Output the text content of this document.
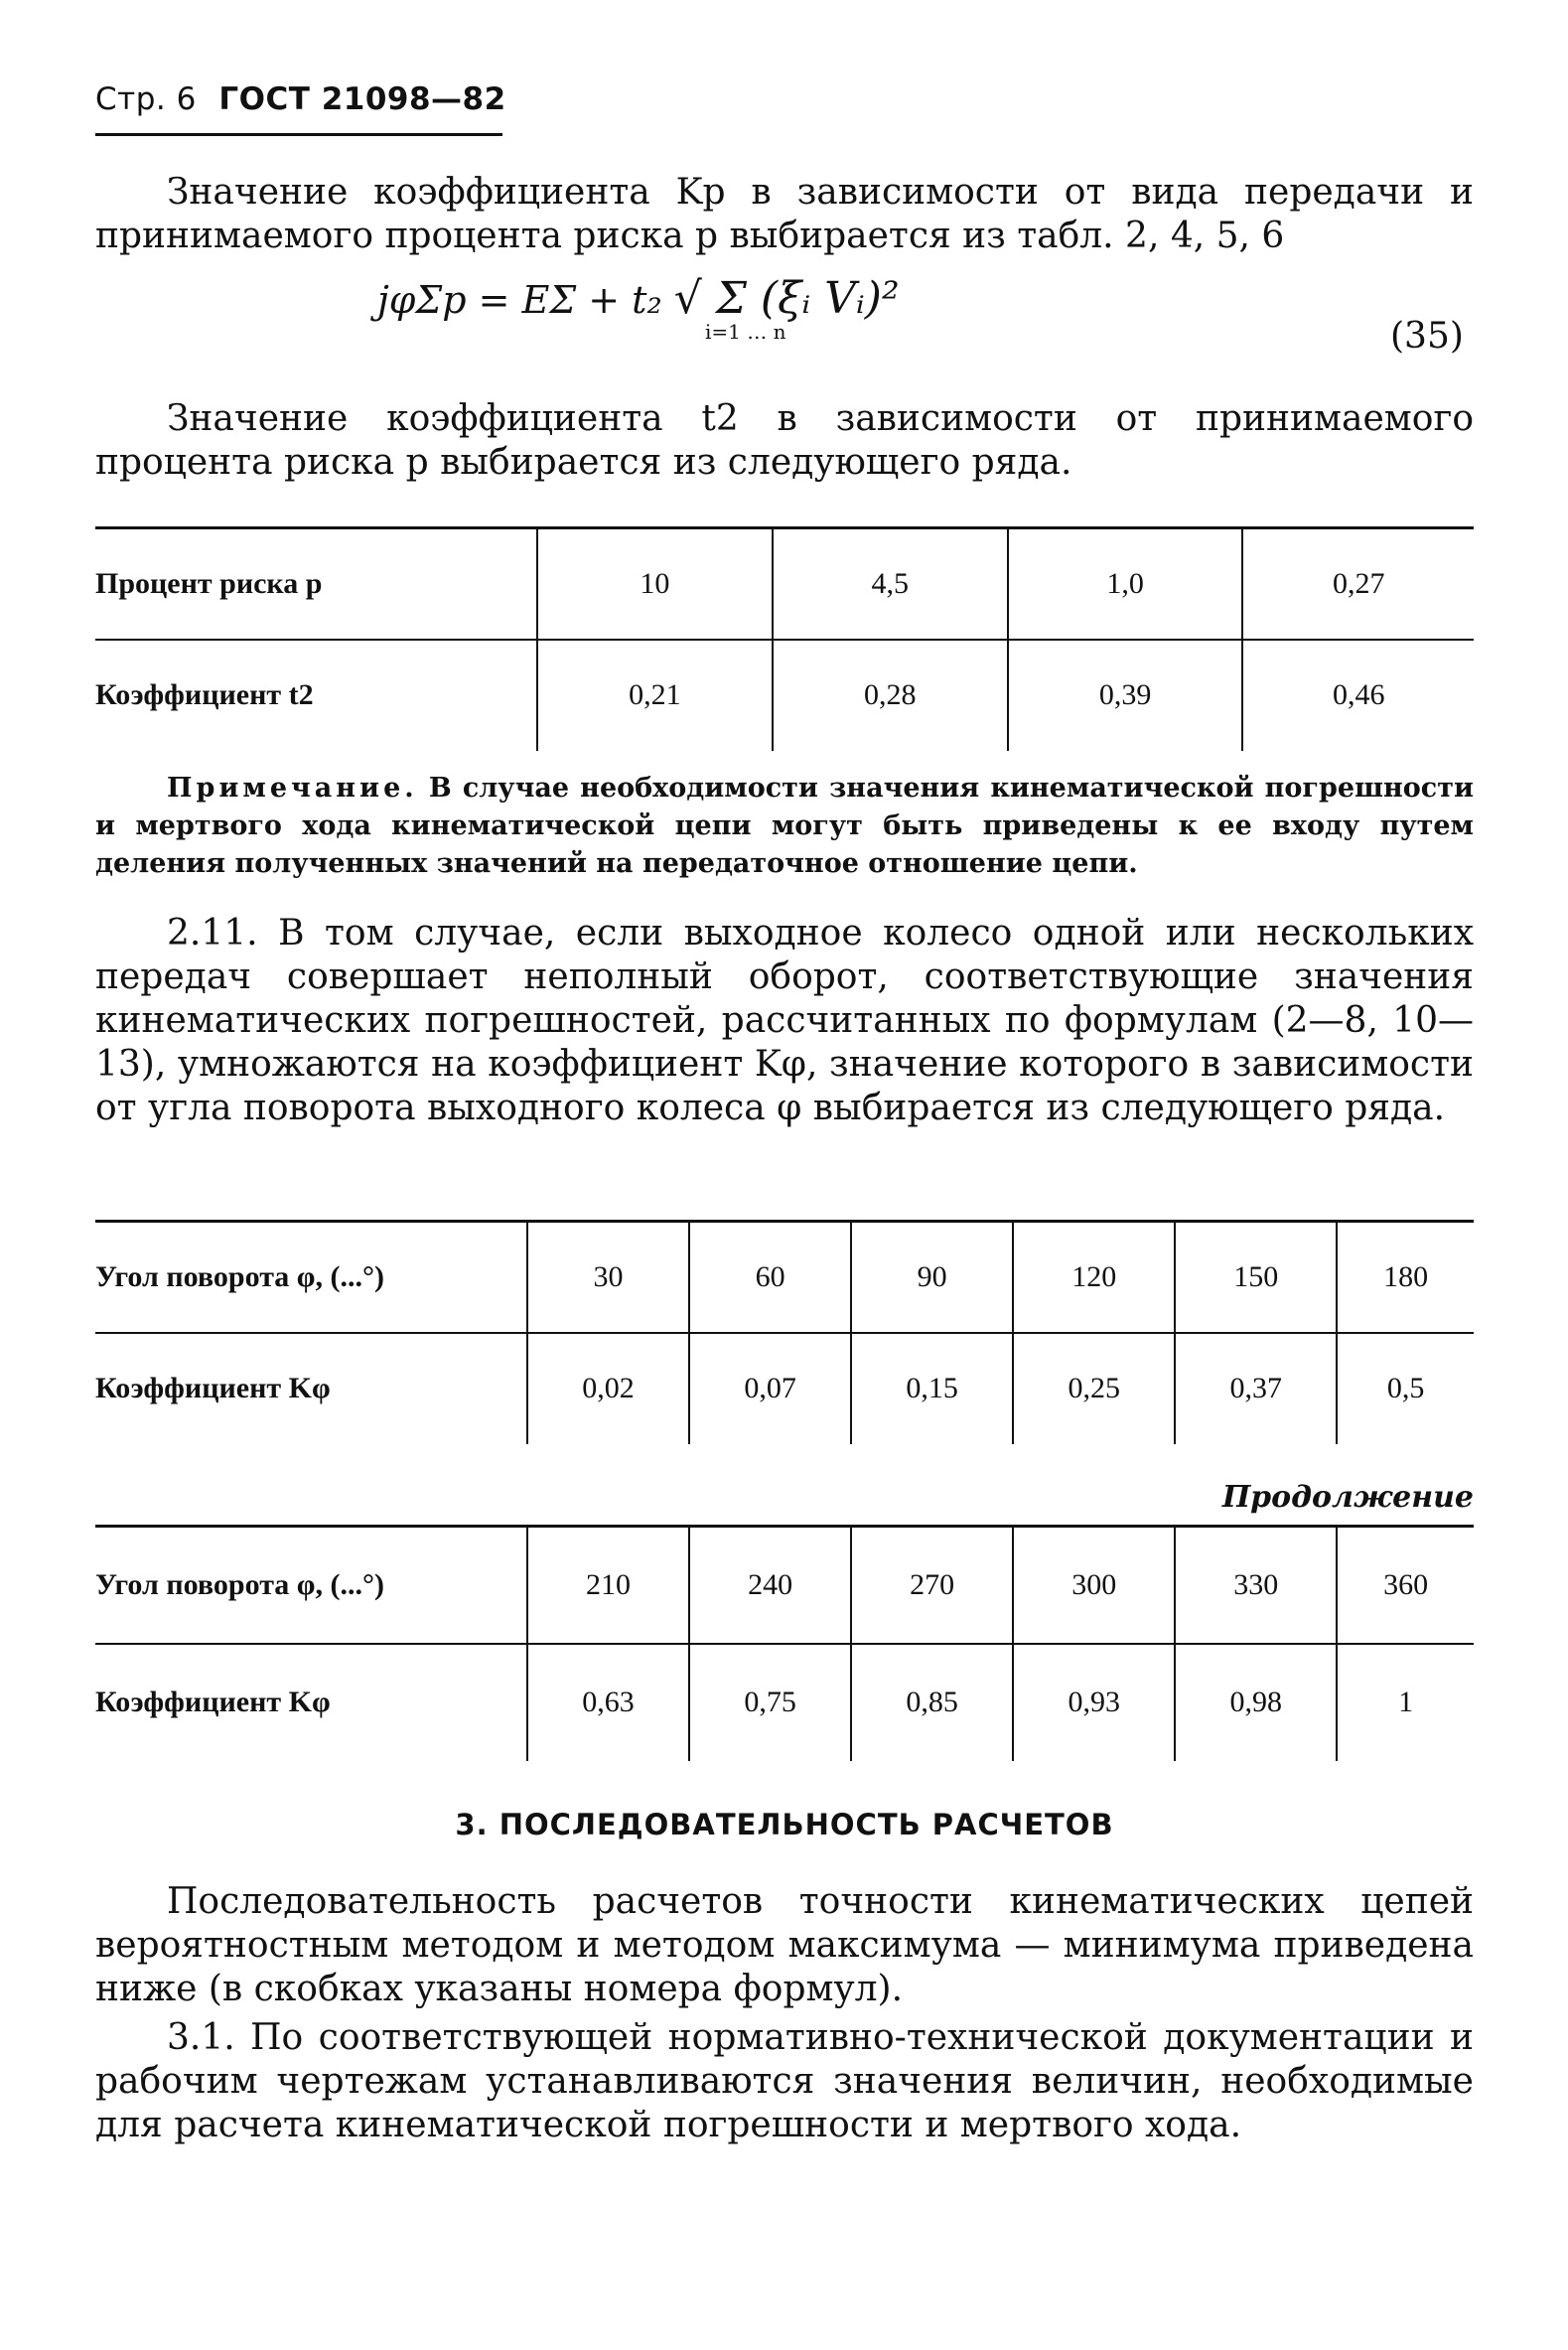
Стр. 6 ГОСТ 21098—82
Значение коэффициента Kр в зависимости от вида передачи и принимаемого процента риска p выбирается из табл. 2, 4, 5, 6
jφΣp = EΣ + t₂ √ Σ (ξᵢ Vᵢ)²
i=1 … n	(35)
Значение коэффициента t2 в зависимости от принимаемого процента риска p выбирается из следующего ряда.
Процент риска p	10	4,5	1,0	0,27
Коэффициент t2	0,21	0,28	0,39	0,46
Примечание. В случае необходимости значения кинематической погрешности и мертвого хода кинематической цепи могут быть приведены к ее входу путем деления полученных значений на передаточное отношение цепи.
2.11. В том случае, если выходное колесо одной или нескольких передач совершает неполный оборот, соответствующие значения кинематических погрешностей, рассчитанных по формулам (2—8, 10—13), умножаются на коэффициент Kφ, значение которого в зависимости от угла поворота выходного колеса φ выбирается из следующего ряда.
Угол поворота φ, (...°)	30	60	90	120	150	180
Коэффициент Kφ	0,02	0,07	0,15	0,25	0,37	0,5
Продолжение
Угол поворота φ, (...°)	210	240	270	300	330	360
Коэффициент Kφ	0,63	0,75	0,85	0,93	0,98	1
3. ПОСЛЕДОВАТЕЛЬНОСТЬ РАСЧЕТОВ
Последовательность расчетов точности кинематических цепей вероятностным методом и методом максимума — минимума приведена ниже (в скобках указаны номера формул).
3.1. По соответствующей нормативно-технической документации и рабочим чертежам устанавливаются значения величин, необходимые для расчета кинематической погрешности и мертвого хода.
